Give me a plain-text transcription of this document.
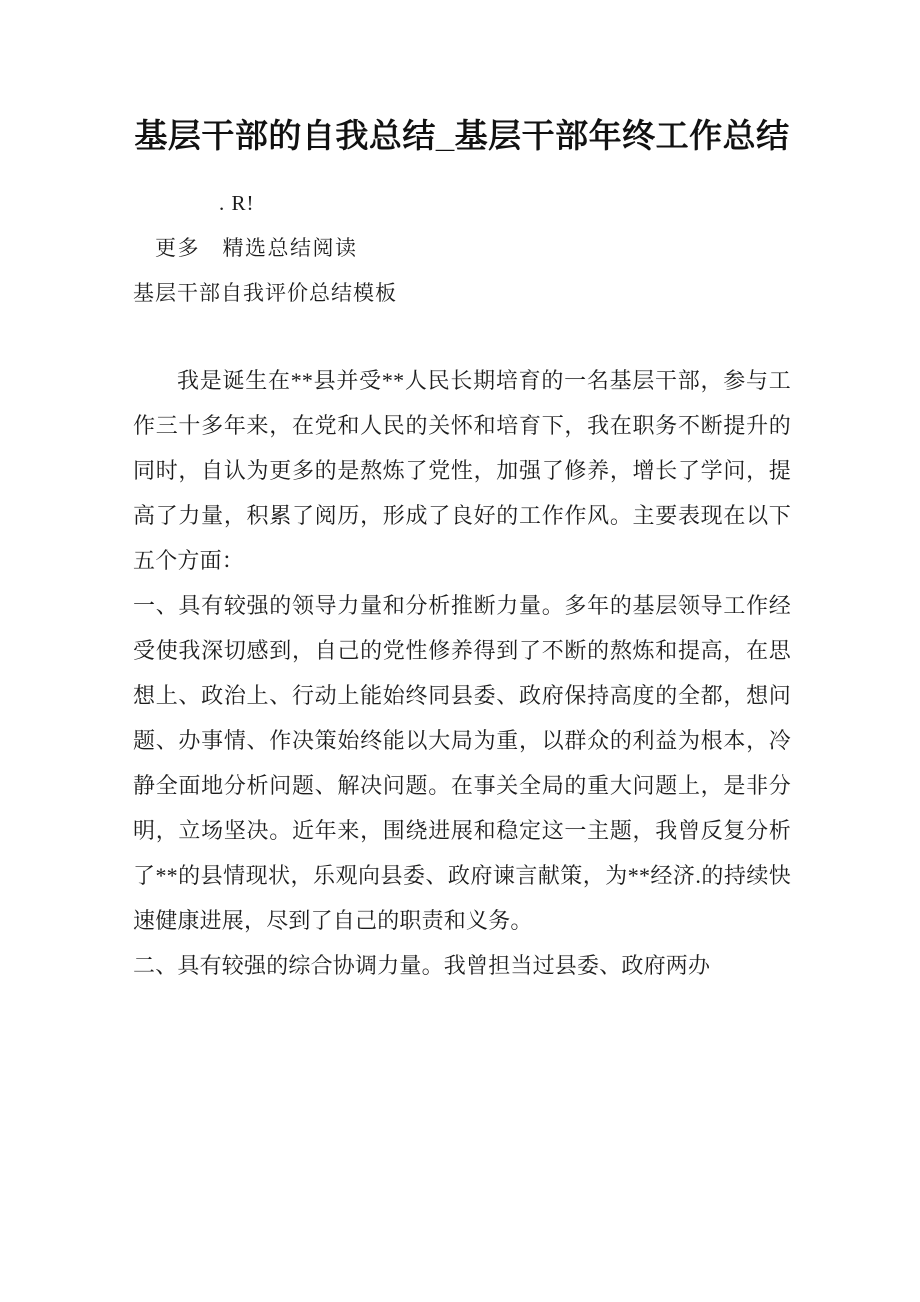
基层干部的自我总结_基层干部年终工作总结

. R!

更多　精选总结阅读

基层干部自我评价总结模板

我是诞生在**县并受**人民长期培育的一名基层干部，参与工作三十多年来，在党和人民的关怀和培育下，我在职务不断提升的同时，自认为更多的是熬炼了党性，加强了修养，增长了学问，提高了力量，积累了阅历，形成了良好的工作作风。主要表现在以下五个方面：

一、具有较强的领导力量和分析推断力量。多年的基层领导工作经受使我深切感到，自己的党性修养得到了不断的熬炼和提高，在思想上、政治上、行动上能始终同县委、政府保持高度的全都，想问题、办事情、作决策始终能以大局为重，以群众的利益为根本，冷静全面地分析问题、解决问题。在事关全局的重大问题上，是非分明，立场坚决。近年来，围绕进展和稳定这一主题，我曾反复分析了**的县情现状，乐观向县委、政府谏言献策，为**经济.的持续快速健康进展，尽到了自己的职责和义务。

二、具有较强的综合协调力量。我曾担当过县委、政府两办
